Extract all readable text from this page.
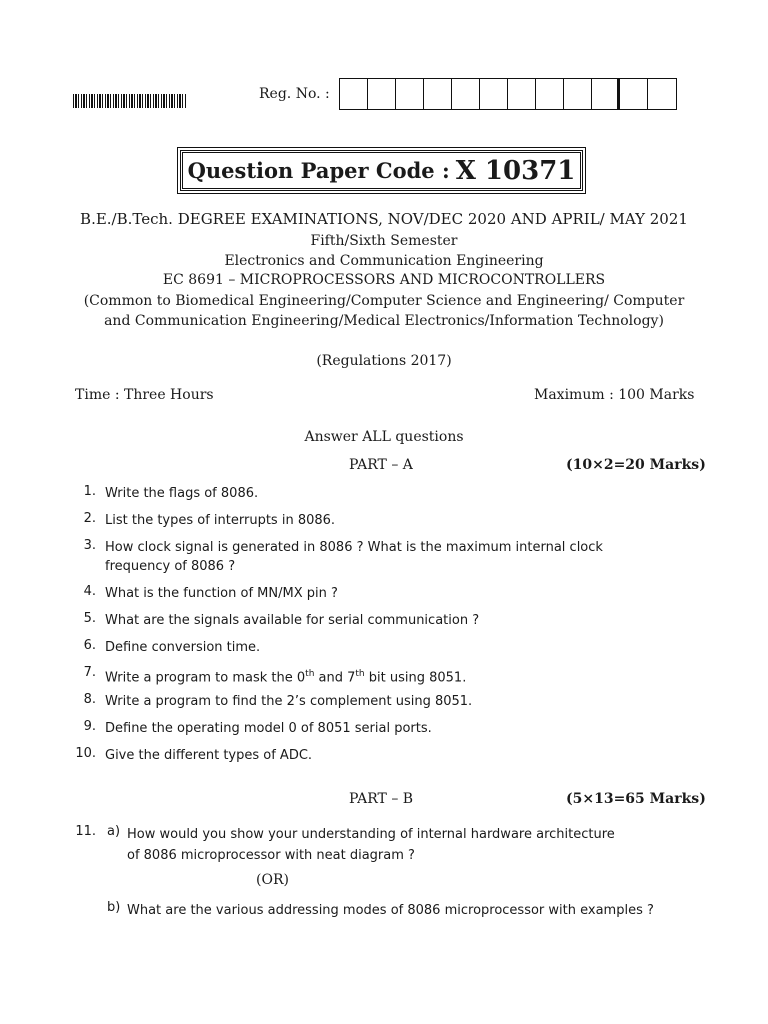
Reg. No. :
Question Paper Code : X 10371
B.E./B.Tech. DEGREE EXAMINATIONS, NOV/DEC 2020 AND APRIL/ MAY 2021
Fifth/Sixth Semester
Electronics and Communication Engineering
EC 8691 – MICROPROCESSORS AND MICROCONTROLLERS
(Common to Biomedical Engineering/Computer Science and Engineering/ Computer
and Communication Engineering/Medical Electronics/Information Technology)
(Regulations 2017)
Time : Three Hours	Maximum : 100 Marks
Answer ALL questions
PART – A	(10×2=20 Marks)
1. Write the flags of 8086.
2. List the types of interrupts in 8086.
3. How clock signal is generated in 8086 ? What is the maximum internal clock
frequency of 8086 ?
4. What is the function of MN/MX pin ?
5. What are the signals available for serial communication ?
6. Define conversion time.
7. Write a program to mask the 0th and 7th bit using 8051.
8. Write a program to find the 2’s complement using 8051.
9. Define the operating model 0 of 8051 serial ports.
10. Give the different types of ADC.
PART – B	(5×13=65 Marks)
11. a) How would you show your understanding of internal hardware architecture
of 8086 microprocessor with neat diagram ?
(OR)
b) What are the various addressing modes of 8086 microprocessor with examples ?
